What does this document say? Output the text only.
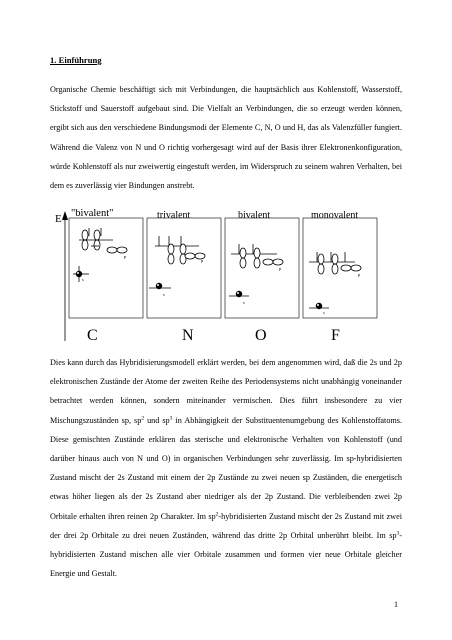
1. Einführung

Organische Chemie beschäftigt sich mit Verbindungen, die hauptsächlich aus Kohlenstoff, Wasserstoff, Stickstoff und Sauerstoff aufgebaut sind. Die Vielfalt an Verbindungen, die so erzeugt werden können, ergibt sich aus den verschiedene Bindungsmodi der Elemente C, N, O und H, das als Valenzfüller fungiert. Während die Valenz von N und O richtig vorhergesagt wird auf der Basis ihrer Elektronenkonfiguration, würde Kohlenstoff als nur zweiwertig eingestuft werden, im Widerspruch zu seinem wahren Verhalten, bei dem es zuverlässig vier Bindungen anstrebt.

E "bivalent"	trivalent	bivalent	monovalent
p
s
p
s
p
s
p
s
C	N	O	F

Dies kann durch das Hybridisierungsmodell erklärt werden, bei dem angenommen wird, daß die 2s und 2p elektronischen Zustände der Atome der zweiten Reihe des Periodensystems nicht unabhängig voneinander betrachtet werden können, sondern miteinander vermischen. Dies führt insbesondere zu vier Mischungszuständen sp, $sp^2$ und $sp^3$ in Abhängigkeit der Substituentenumgebung des Kohlenstoffatoms. Diese gemischten Zustände erklären das sterische und elektronische Verhalten von Kohlenstoff (und darüber hinaus auch von N und O) in organischen Verbindungen sehr zuverlässig. Im sp-hybridisierten Zustand mischt der 2s Zustand mit einem der 2p Zustände zu zwei neuen sp Zuständen, die energetisch etwas höher liegen als der 2s Zustand aber niedriger als der 2p Zustand. Die verbleibenden zwei 2p Orbitale erhalten ihren reinen 2p Charakter. Im $sp^2$-hybridisierten Zustand mischt der 2s Zustand mit zwei der drei 2p Orbitale zu drei neuen Zuständen, während das dritte 2p Orbital unberührt bleibt. Im $sp^3$-hybridisierten Zustand mischen alle vier Orbitale zusammen und formen vier neue Orbitale gleicher Energie und Gestalt.

1
